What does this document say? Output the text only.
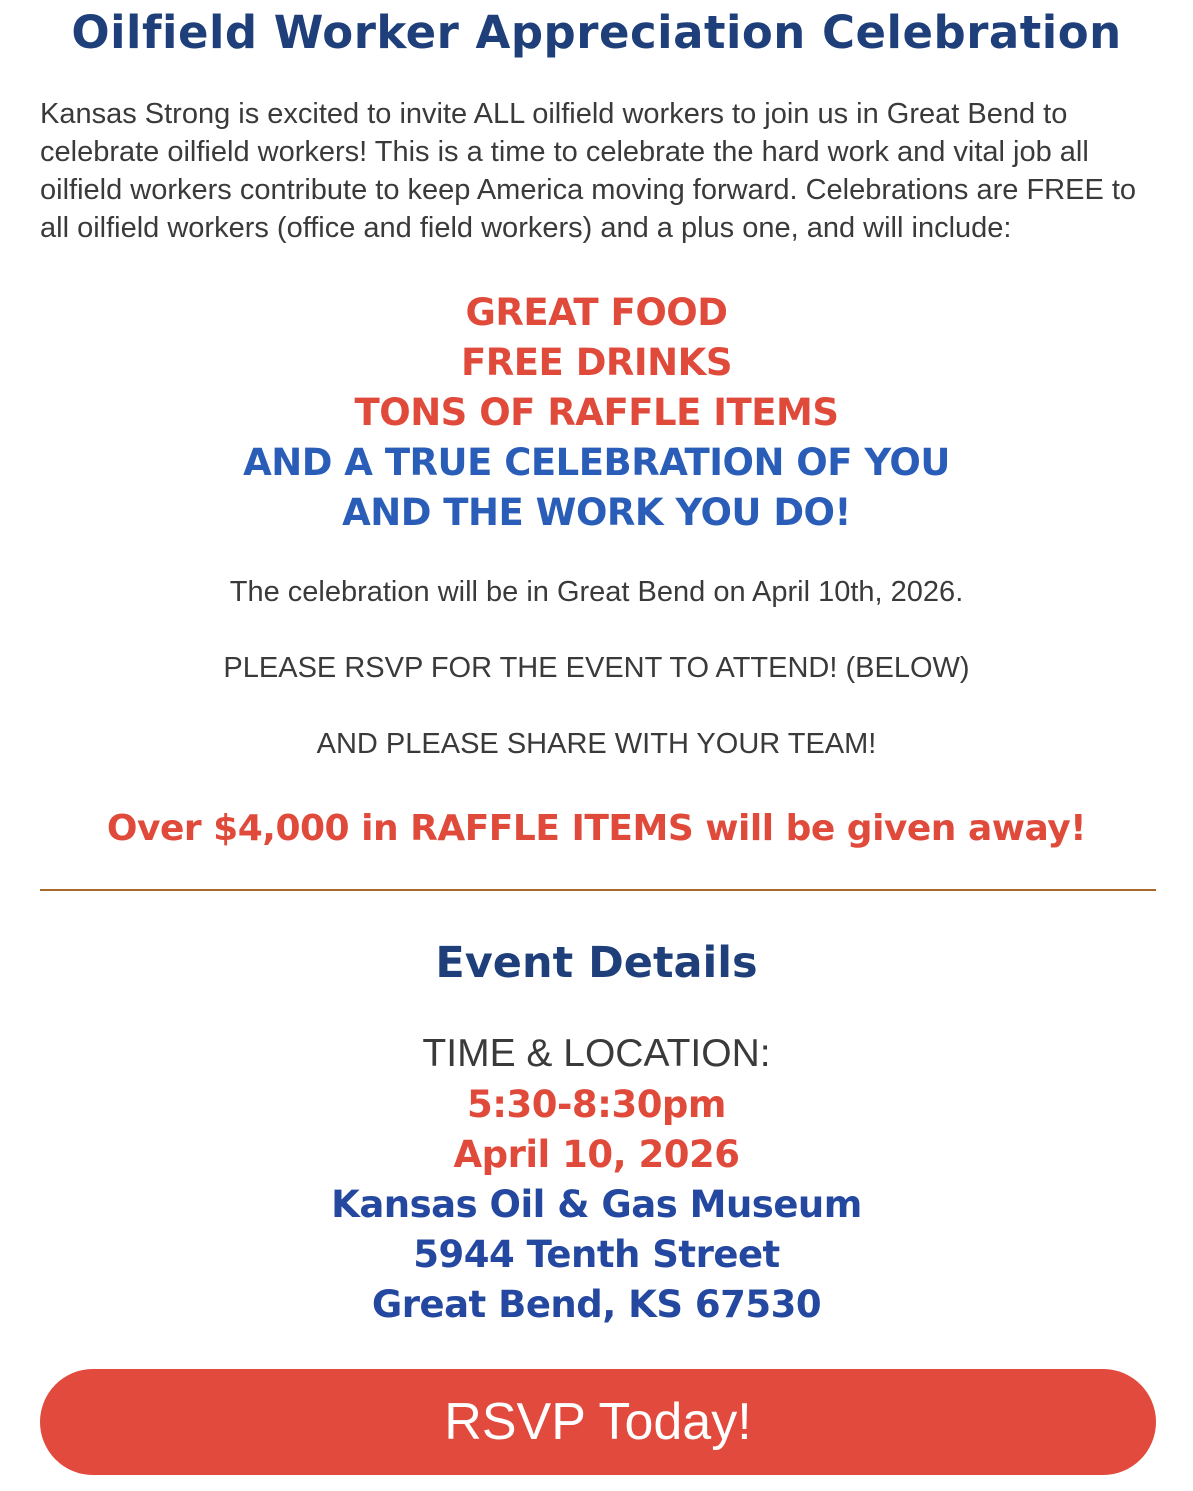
Oilfield Worker Appreciation Celebration
Kansas Strong is excited to invite ALL oilfield workers to join us in Great Bend to celebrate oilfield workers! This is a time to celebrate the hard work and vital job all oilfield workers contribute to keep America moving forward. Celebrations are FREE to all oilfield workers (office and field workers) and a plus one, and will include:
GREAT FOOD
FREE DRINKS
TONS OF RAFFLE ITEMS
AND A TRUE CELEBRATION OF YOU
AND THE WORK YOU DO!
The celebration will be in Great Bend on April 10th, 2026.
PLEASE RSVP FOR THE EVENT TO ATTEND! (BELOW)
AND PLEASE SHARE WITH YOUR TEAM!
Over $4,000 in RAFFLE ITEMS will be given away!
Event Details
TIME & LOCATION:
5:30-8:30pm
April 10, 2026
Kansas Oil & Gas Museum
5944 Tenth Street
Great Bend, KS 67530
RSVP Today!
